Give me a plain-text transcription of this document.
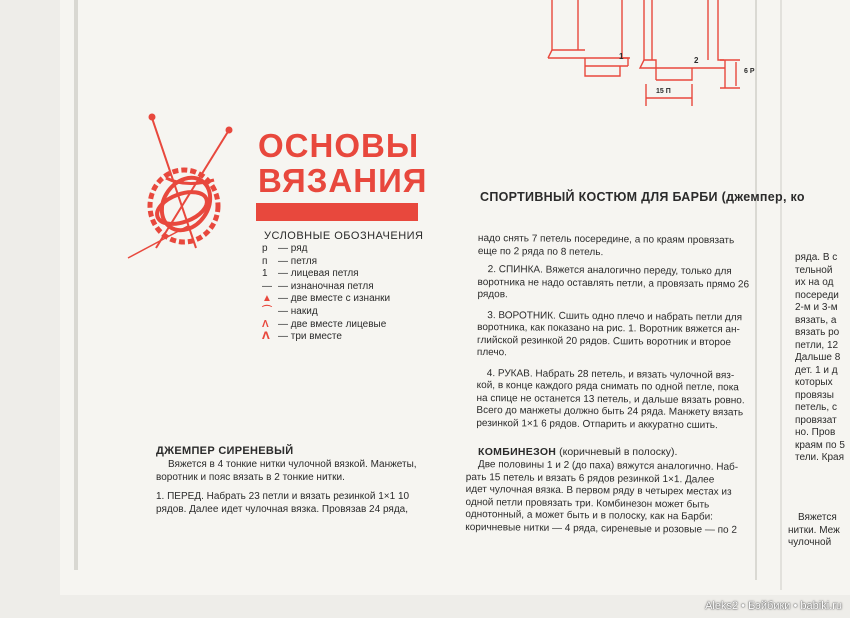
1	2
6 Р
15 П
ОСНОВЫ
ВЯЗАНИЯ
УСЛОВНЫЕ ОБОЗНАЧЕНИЯ
р	— ряд
п	— петля
1	— лицевая петля
— — изнаночная петля
▲ — две вместе с изнанки
⌒ — накид
Λ — две вместе лицевые
ᐱ — три вместе
СПОРТИВНЫЙ КОСТЮМ ДЛЯ БАРБИ (джемпер, ко
ДЖЕМПЕР СИРЕНЕВЫЙ
Вяжется в 4 тонкие нитки чулочной вязкой. Манжеты,
воротник и пояс вязать в 2 тонкие нитки.
1. ПЕРЕД. Набрать 23 петли и вязать резинкой 1×1 10
рядов. Далее идет чулочная вязка. Провязав 24 ряда,
надо снять 7 петель посередине, а по краям провязать
еще по 2 ряда по 8 петель.
2. СПИНКА. Вяжется аналогично переду, только для
воротника не надо оставлять петли, а провязать прямо 26
рядов.
3. ВОРОТНИК. Сшить одно плечо и набрать петли для
воротника, как показано на рис. 1. Воротник вяжется ан-
глийской резинкой 20 рядов. Сшить воротник и второе
плечо.
4. РУКАВ. Набрать 28 петель, и вязать чулочной вяз-
кой, в конце каждого ряда снимать по одной петле, пока
на спице не останется 13 петель, и дальше вязать ровно.
Всего до манжеты должно быть 24 ряда. Манжету вязать
резинкой 1×1 6 рядов. Отпарить и аккуратно сшить.
КОМБИНЕЗОН (коричневый в полоску).
Две половины 1 и 2 (до паха) вяжутся аналогично. Наб-
рать 15 петель и вязать 6 рядов резинкой 1×1. Далее
идет чулочная вязка. В первом ряду в четырех местах из
одной петли провязать три. Комбинезон может быть
однотонный, а может быть и в полоску, как на Барби:
коричневые нитки — 4 ряда, сиреневые и розовые — по 2
ряда. В с
тельной
их на од
посереди
2-м и 3-м
вязать, а
вязать ро
петли, 12
Дальше 8
дет. 1 и д
которых
провязы
петель, с
провязат
но. Пров
краям по 5
тели. Края
Вяжется
нитки. Меж
чулочной
Aleks2 • Бэйбики • babiki.ru
